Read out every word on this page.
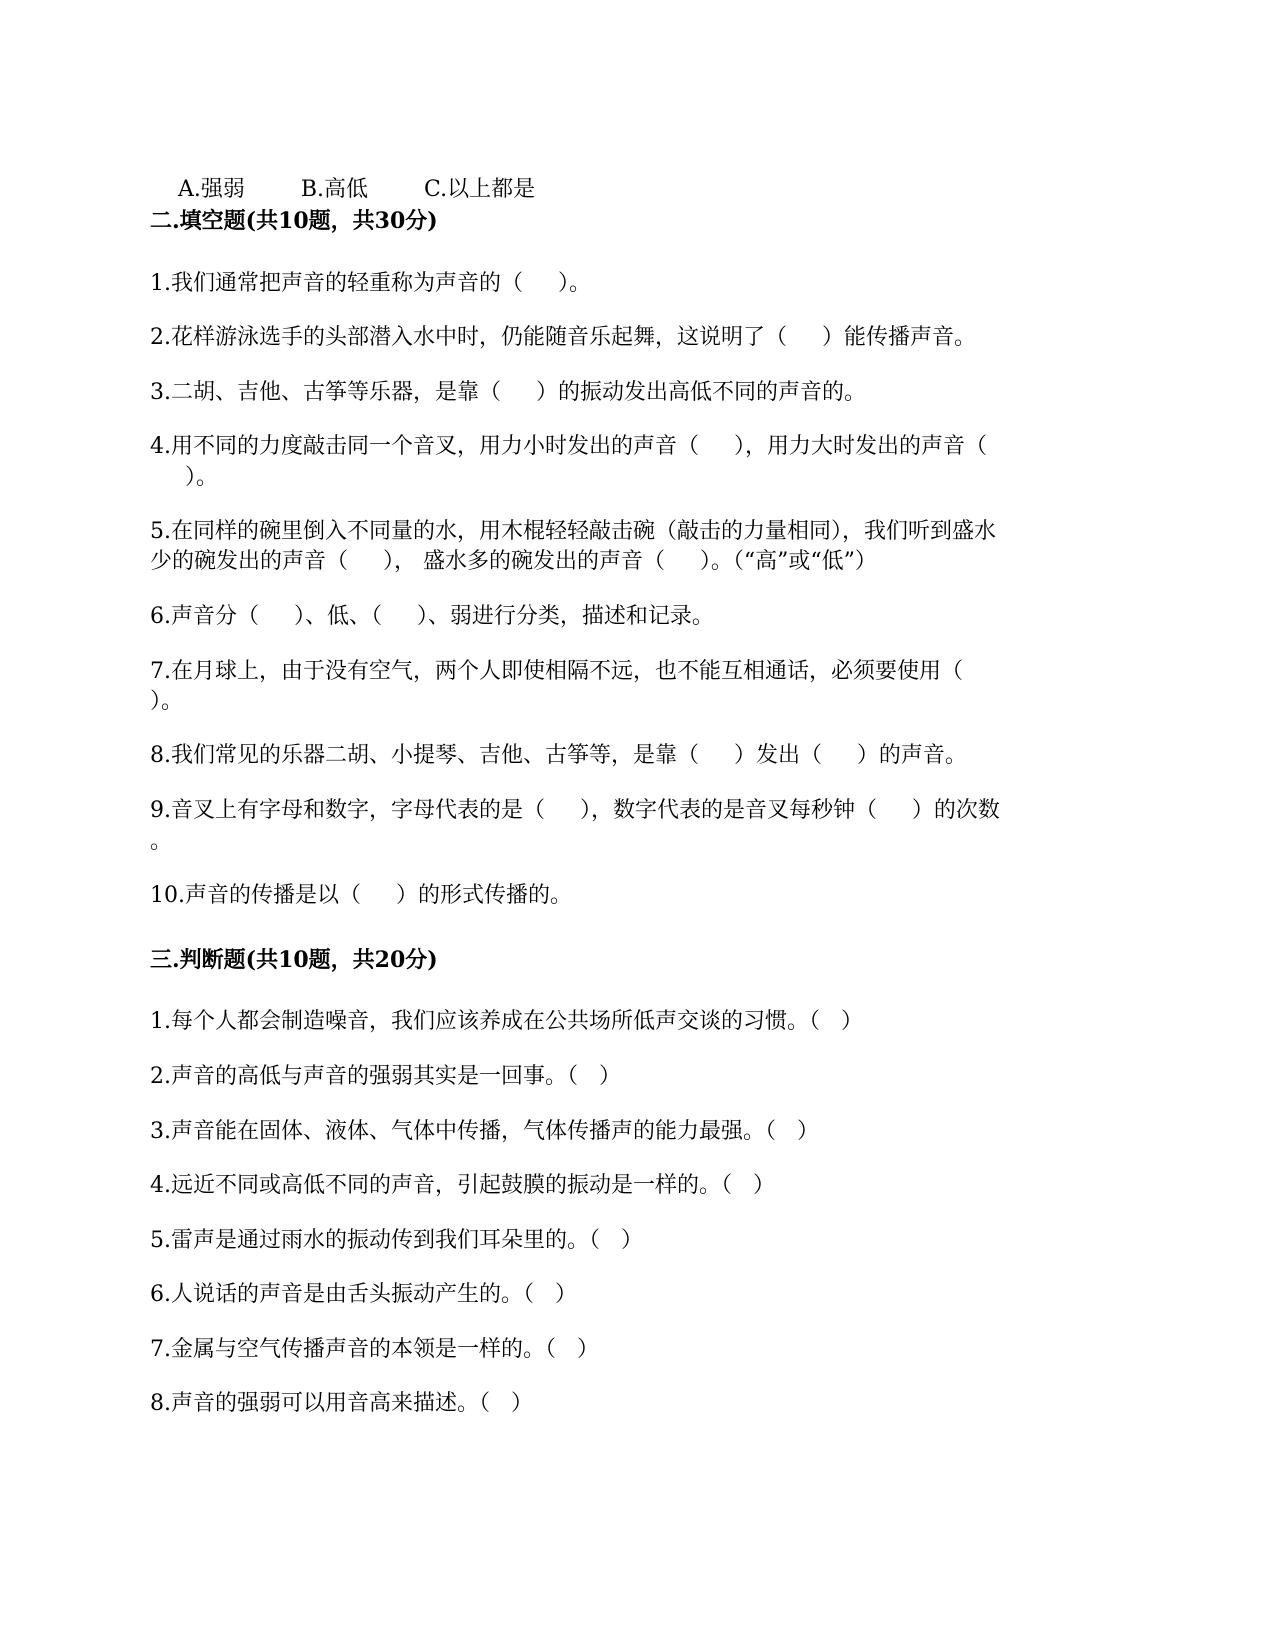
A.强弱	B.高低	C.以上都是

二.填空题(共10题，共30分)
1.我们通常把声音的轻重称为声音的（     ）。
2.花样游泳选手的头部潜入水中时，仍能随音乐起舞，这说明了（     ）能传播声音。
3.二胡、吉他、古筝等乐器，是靠（     ）的振动发出高低不同的声音的。
4.用不同的力度敲击同一个音叉，用力小时发出的声音（     ），用力大时发出的声音（
）。
5.在同样的碗里倒入不同量的水，用木棍轻轻敲击碗（敲击的力量相同），我们听到盛水
少的碗发出的声音（     ）， 盛水多的碗发出的声音（     ）。（“高”或“低”）
6.声音分（     ）、低、（     ）、弱进行分类，描述和记录。
7.在月球上，由于没有空气，两个人即使相隔不远，也不能互相通话，必须要使用（
）。
8.我们常见的乐器二胡、小提琴、吉他、古筝等，是靠（     ）发出（     ）的声音。
9.音叉上有字母和数字，字母代表的是（     ），数字代表的是音叉每秒钟（     ）的次数
。
10.声音的传播是以（     ）的形式传播的。
三.判断题(共10题，共20分)
1.每个人都会制造噪音，我们应该养成在公共场所低声交谈的习惯。（   ）
2.声音的高低与声音的强弱其实是一回事。（   ）
3.声音能在固体、液体、气体中传播，气体传播声的能力最强。（   ）
4.远近不同或高低不同的声音，引起鼓膜的振动是一样的。（   ）
5.雷声是通过雨水的振动传到我们耳朵里的。（   ）
6.人说话的声音是由舌头振动产生的。（   ）
7.金属与空气传播声音的本领是一样的。（   ）
8.声音的强弱可以用音高来描述。（   ）
